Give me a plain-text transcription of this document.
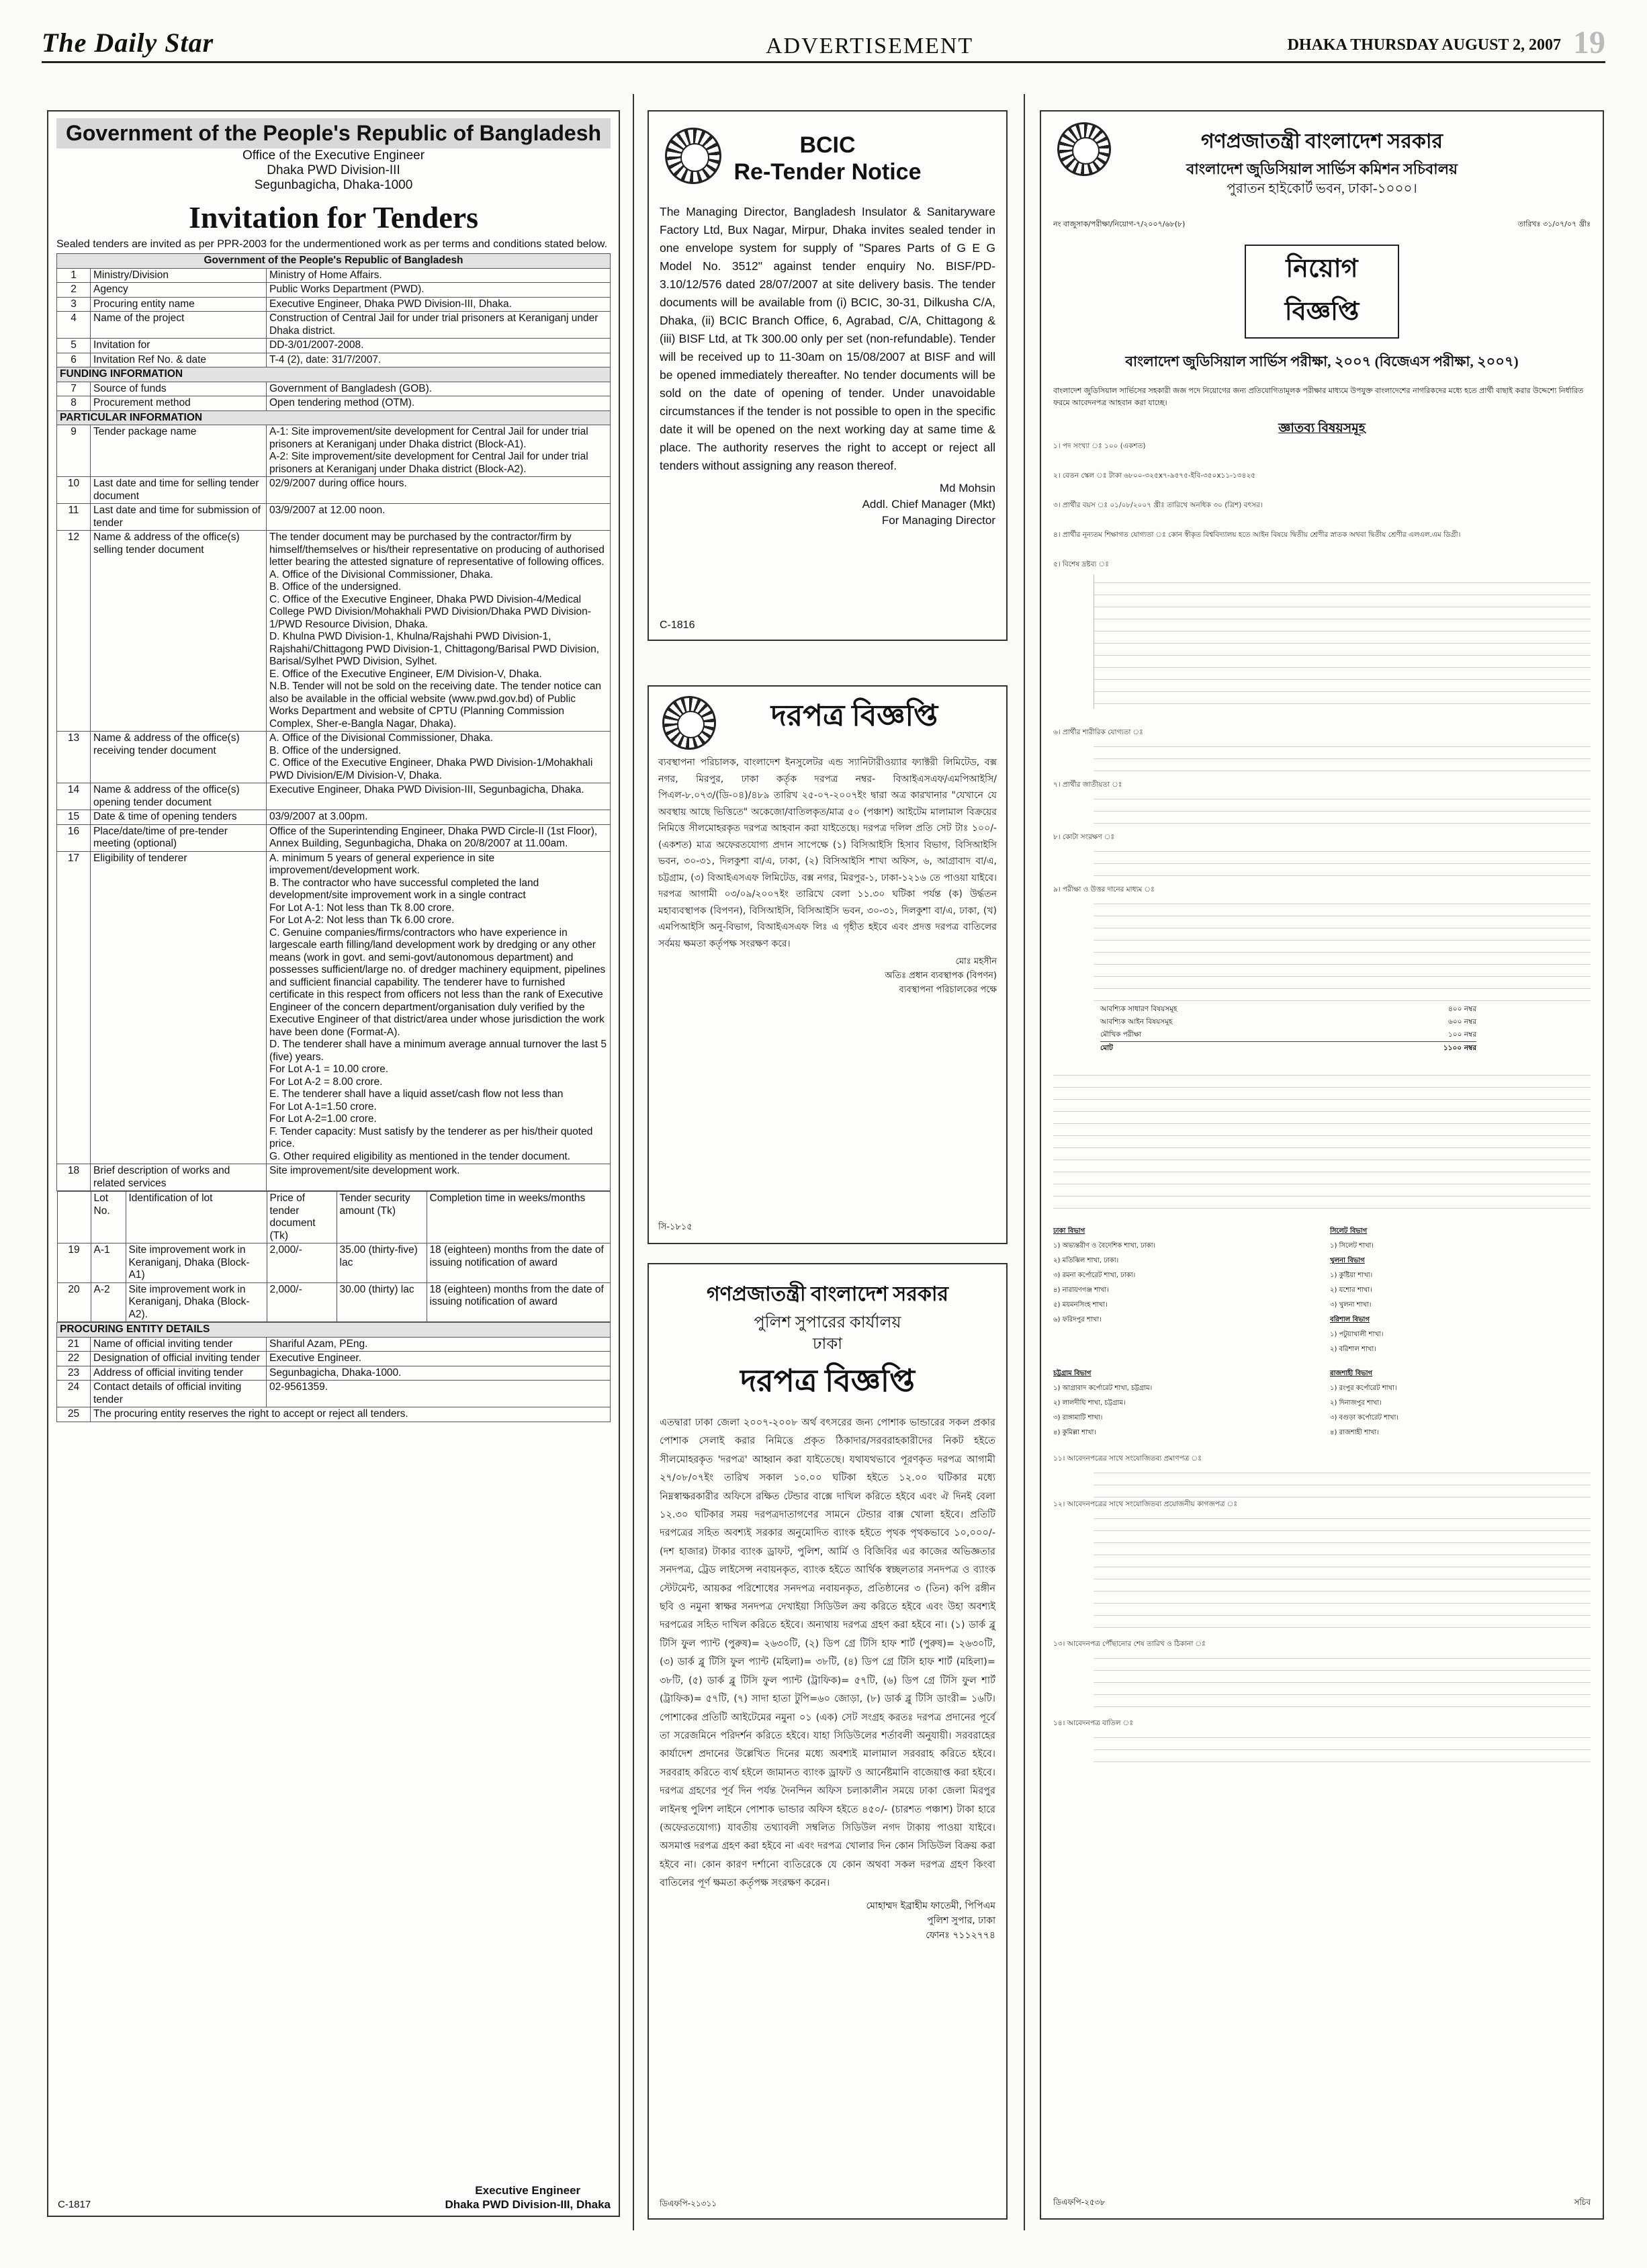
The Daily Star	ADVERTISEMENT	DHAKA THURSDAY AUGUST 2, 2007 19
Government of the People's Republic of Bangladesh
Office of the Executive Engineer
Dhaka PWD Division-III
Segunbagicha, Dhaka-1000
Invitation for Tenders
Sealed tenders are invited as per PPR-2003 for the undermentioned work as per terms and conditions stated below.
Government of the People's Republic of Bangladesh
1	Ministry/Division	Ministry of Home Affairs.
2	Agency	Public Works Department (PWD).
3	Procuring entity name	Executive Engineer, Dhaka PWD Division-III, Dhaka.
4	Name of the project	Construction of Central Jail for under trial prisoners at Keraniganj under Dhaka district.
5	Invitation for	DD-3/01/2007-2008.
6	Invitation Ref No. & date	T-4 (2), date: 31/7/2007.
FUNDING INFORMATION
7	Source of funds	Government of Bangladesh (GOB).
8	Procurement method	Open tendering method (OTM).
PARTICULAR INFORMATION
9	Tender package name	A-1: Site improvement/site development for Central Jail for under trial prisoners at Keraniganj under Dhaka district (Block-A1).
A-2: Site improvement/site development for Central Jail for under trial prisoners at Keraniganj under Dhaka district (Block-A2).
10	Last date and time for selling tender document	02/9/2007 during office hours.
11	Last date and time for submission of tender	03/9/2007 at 12.00 noon.
12	Name & address of the office(s) selling tender document	The tender document may be purchased by the contractor/firm by himself/themselves or his/their representative on producing of authorised letter bearing the attested signature of representative of following offices.
A. Office of the Divisional Commissioner, Dhaka.
B. Office of the undersigned.
C. Office of the Executive Engineer, Dhaka PWD Division-4/Medical College PWD Division/Mohakhali PWD Division/Dhaka PWD Division-1/PWD Resource Division, Dhaka.
D. Khulna PWD Division-1, Khulna/Rajshahi PWD Division-1, Rajshahi/Chittagong PWD Division-1, Chittagong/Barisal PWD Division, Barisal/Sylhet PWD Division, Sylhet.
E. Office of the Executive Engineer, E/M Division-V, Dhaka.
N.B. Tender will not be sold on the receiving date. The tender notice can also be available in the official website (www.pwd.gov.bd) of Public Works Department and website of CPTU (Planning Commission Complex, Sher-e-Bangla Nagar, Dhaka).
13	Name & address of the office(s) receiving tender document	A. Office of the Divisional Commissioner, Dhaka.
B. Office of the undersigned.
C. Office of the Executive Engineer, Dhaka PWD Division-1/Mohakhali PWD Division/E/M Division-V, Dhaka.
14	Name & address of the office(s) opening tender document	Executive Engineer, Dhaka PWD Division-III, Segunbagicha, Dhaka.
15	Date & time of opening tenders	03/9/2007 at 3.00pm.
16	Place/date/time of pre-tender meeting (optional)	Office of the Superintending Engineer, Dhaka PWD Circle-II (1st Floor), Annex Building, Segunbagicha, Dhaka on 20/8/2007 at 11.00am.
17	Eligibility of tenderer	A. minimum 5 years of general experience in site improvement/development work.
B. The contractor who have successful completed the land development/site improvement work in a single contract
For Lot A-1: Not less than Tk 8.00 crore.
For Lot A-2: Not less than Tk 6.00 crore.
C. Genuine companies/firms/contractors who have experience in largescale earth filling/land development work by dredging or any other means (work in govt. and semi-govt/autonomous department) and possesses sufficient/large no. of dredger machinery equipment, pipelines and sufficient financial capability. The tenderer have to furnished certificate in this respect from officers not less than the rank of Executive Engineer of the concern department/organisation duly verified by the Executive Engineer of that district/area under whose jurisdiction the work have been done (Format-A).
D. The tenderer shall have a minimum average annual turnover the last 5 (five) years.
For Lot A-1 = 10.00 crore.
For Lot A-2 = 8.00 crore.
E. The tenderer shall have a liquid asset/cash flow not less than
For Lot A-1=1.50 crore.
For Lot A-2=1.00 crore.
F. Tender capacity: Must satisfy by the tenderer as per his/their quoted price.
G. Other required eligibility as mentioned in the tender document.
18	Brief description of works and related services	Site improvement/site development work.

	Lot No.	Identification of lot	Price of tender document (Tk)	Tender security amount (Tk)	Completion time in weeks/months
19	A-1	Site improvement work in Keraniganj, Dhaka (Block-A1)	2,000/-	35.00 (thirty-five) lac	18 (eighteen) months from the date of issuing notification of award
20	A-2	Site improvement work in Keraniganj, Dhaka (Block-A2).	2,000/-	30.00 (thirty) lac	18 (eighteen) months from the date of issuing notification of award

PROCURING ENTITY DETAILS
21	Name of official inviting tender	Shariful Azam, PEng.
22	Designation of official inviting tender	Executive Engineer.
23	Address of official inviting tender	Segunbagicha, Dhaka-1000.
24	Contact details of official inviting tender	02-9561359.
25	The procuring entity reserves the right to accept or reject all tenders.
C-1817
Executive Engineer
Dhaka PWD Division-III, Dhaka
BCIC
Re-Tender Notice
The Managing Director, Bangladesh Insulator & Sanitaryware Factory Ltd, Bux Nagar, Mirpur, Dhaka invites sealed tender in one envelope system for supply of "Spares Parts of G E G Model No. 3512" against tender enquiry No. BISF/PD-3.10/12/576 dated 28/07/2007 at site delivery basis. The tender documents will be available from (i) BCIC, 30-31, Dilkusha C/A, Dhaka, (ii) BCIC Branch Office, 6, Agrabad, C/A, Chittagong & (iii) BISF Ltd, at Tk 300.00 only per set (non-refundable). Tender will be received up to 11-30am on 15/08/2007 at BISF and will be opened immediately thereafter. No tender documents will be sold on the date of opening of tender. Under unavoidable circumstances if the tender is not possible to open in the specific date it will be opened on the next working day at same time & place. The authority reserves the right to accept or reject all tenders without assigning any reason thereof.
Md Mohsin
Addl. Chief Manager (Mkt)
For Managing Director
C-1816
দরপত্র বিজ্ঞপ্তি
ব্যবস্থাপনা পরিচালক, বাংলাদেশ ইনসুলেটর এন্ড স্যানিটারীওয়্যার ফ্যাক্টরী লিমিটেড, বক্স নগর, মিরপুর, ঢাকা কর্তৃক দরপত্র নম্বর- বিআইএসএফ/এমপিআইসি/পিএল-৮.০৭৩/(ডি-০৪)/৪৮৯ তারিখ ২৫-০৭-২০০৭ইং দ্বারা অত্র কারখানার "যেখানে যে অবস্থায় আছে ভিত্তিতে" অকেজো/বাতিলকৃত/মাত্র ৫০ (পঞ্চাশ) আইটেম মালামাল বিক্রয়ের নিমিত্তে সীলমোহরকৃত দরপত্র আহবান করা যাইতেছে। দরপত্র দলিল প্রতি সেট টাঃ ১০০/- (একশত) মাত্র অফেরতযোগ্য প্রদান সাপেক্ষে (১) বিসিআইসি হিসাব বিভাগ, বিসিআইসি ভবন, ৩০-৩১, দিলকুশা বা/এ, ঢাকা, (২) বিসিআইসি শাখা অফিস, ৬, আগ্রাবাদ বা/এ, চট্টগ্রাম, (৩) বিআইএসএফ লিমিটেড, বক্স নগর, মিরপুর-১, ঢাকা-১২১৬ তে পাওয়া যাইবে। দরপত্র আগামী ০৩/০৯/২০০৭ইং তারিখে বেলা ১১.৩০ ঘটিকা পর্যন্ত (ক) উর্দ্ধতন মহাব্যবস্থাপক (বিপণন), বিসিআইসি, বিসিআইসি ভবন, ৩০-৩১, দিলকুশা বা/এ, ঢাকা, (খ) এমপিআইসি অনু-বিভাগ, বিআইএসএফ লিঃ এ গৃহীত হইবে এবং প্রদত্ত দরপত্র বাতিলের সর্বময় ক্ষমতা কর্তৃপক্ষ সংরক্ষণ করে।
মোঃ মহসীন
অতিঃ প্রধান ব্যবস্থাপক (বিপণন)
ব্যবস্থাপনা পরিচালকের পক্ষে
সি-১৮১৫
গণপ্রজাতন্ত্রী বাংলাদেশ সরকার
পুলিশ সুপারের কার্যালয়
ঢাকা
দরপত্র বিজ্ঞপ্তি
এতদ্বারা ঢাকা জেলা ২০০৭-২০০৮ অর্থ বৎসরের জন্য পোশাক ভান্ডারের সকল প্রকার পোশাক সেলাই করার নিমিত্তে প্রকৃত ঠিকাদার/সরবরাহকারীদের নিকট হইতে সীলমোহরকৃত 'দরপত্র' আহ্বান করা যাইতেছে। যথাযথভাবে পূরণকৃত দরপত্র আগামী ২৭/০৮/০৭ইং তারিখ সকাল ১০.০০ ঘটিকা হইতে ১২.০০ ঘটিকার মধ্যে নিম্নস্বাক্ষরকারীর অফিসে রক্ষিত টেন্ডার বাক্সে দাখিল করিতে হইবে এবং ঐ দিনই বেলা ১২.৩০ ঘটিকার সময় দরপত্রদাতাগণের সামনে টেন্ডার বাক্স খোলা হইবে। প্রতিটি দরপত্রের সহিত অবশ্যই সরকার অনুমোদিত ব্যাংক হইতে পৃথক পৃথকভাবে ১০,০০০/- (দশ হাজার) টাকার ব্যাংক ড্রাফট, পুলিশ, আর্মি ও বিজিবির এর কাজের অভিজ্ঞতার সনদপত্র, ট্রেড লাইসেন্স নবায়নকৃত, ব্যাংক হইতে আর্থিক স্বচ্ছলতার সনদপত্র ও ব্যাংক স্টেটমেন্ট, আয়কর পরিশোধের সনদপত্র নবায়নকৃত, প্রতিষ্ঠানের ৩ (তিন) কপি রঙ্গীন ছবি ও নমুনা স্বাক্ষর সনদপত্র দেখাইয়া সিডিউল ক্রয় করিতে হইবে এবং উহা অবশ্যই দরপত্রের সহিত দাখিল করিতে হইবে। অন্যথায় দরপত্র গ্রহণ করা হইবে না। (১) ডার্ক ব্লু টিসি ফুল প্যান্ট (পুরুষ)= ২৬৩০টি, (২) ডিপ গ্রে টিসি হাফ শার্ট (পুরুষ)= ২৬৩০টি, (৩) ডার্ক ব্লু টিসি ফুল প্যান্ট (মহিলা)= ৩৮টি, (৪) ডিপ গ্রে টিসি হাফ শার্ট (মহিলা)= ৩৮টি, (৫) ডার্ক ব্লু টিসি ফুল প্যান্ট (ট্রাফিক)= ৫৭টি, (৬) ডিপ গ্রে টিসি ফুল শার্ট (ট্রাফিক)= ৫৭টি, (৭) সাদা হাতা টুপি=৬০ জোড়া, (৮) ডার্ক ব্লু টিসি ডাংরী= ১৬টি। পোশাকের প্রতিটি আইটেমের নমুনা ০১ (এক) সেট সংগ্রহ করতঃ দরপত্র প্রদানের পূর্বে তা সরেজমিনে পরিদর্শন করিতে হইবে। যাহা সিডিউলের শর্তাবলী অনুযায়ী। সরবরাহের কার্যাদেশ প্রদানের উল্লেখিত দিনের মধ্যে অবশ্যই মালামাল সরবরাহ করিতে হইবে। সরবরাহ করিতে ব্যর্থ হইলে জামানত ব্যাংক ড্রাফট ও আর্নেষ্টমানি বাজেয়াপ্ত করা হইবে। দরপত্র গ্রহণের পূর্ব দিন পর্যন্ত দৈনন্দিন অফিস চলাকালীন সময়ে ঢাকা জেলা মিরপুর লাইনস্থ পুলিশ লাইনে পোশাক ভান্ডার অফিস হইতে ৪৫০/- (চারশত পঞ্চাশ) টাকা হারে (অফেরতযোগ্য) যাবতীয় তথ্যাবলী সম্বলিত সিডিউল নগদ টাকায় পাওয়া যাইবে। অসমাপ্ত দরপত্র গ্রহণ করা হইবে না এবং দরপত্র খোলার দিন কোন সিডিউল বিক্রয় করা হইবে না। কোন কারণ দর্শানো ব্যতিরেকে যে কোন অথবা সকল দরপত্র গ্রহণ কিংবা বাতিলের পূর্ণ ক্ষমতা কর্তৃপক্ষ সংরক্ষণ করেন।
মোহাম্মদ ইব্রাহীম ফাতেমী, পিপিএম
পুলিশ সুপার, ঢাকা
ফোনঃ ৭১১২৭৭৪
ডিএফপি-২১৩১১
গণপ্রজাতন্ত্রী বাংলাদেশ সরকার
বাংলাদেশ জুডিসিয়াল সার্ভিস কমিশন সচিবালয়
পুরাতন হাইকোর্ট ভবন, ঢাকা-১০০০।
নং বাজুসাক/পরীক্ষা/নিয়োগ-৭/২০০৭/৬৮(৮)	তারিখঃ ৩১/০৭/০৭ খ্রীঃ
নিয়োগ বিজ্ঞপ্তি
বাংলাদেশ জুডিসিয়াল সার্ভিস পরীক্ষা, ২০০৭ (বিজেএস পরীক্ষা, ২০০৭)
বাংলাদেশ জুডিসিয়াল সার্ভিসের সহকারী জজ পদে নিয়োগের জন্য প্রতিযোগিতামূলক পরীক্ষার মাধ্যমে উপযুক্ত বাংলাদেশের নাগরিকদের মধ্যে হতে প্রার্থী বাছাই করার উদ্দেশ্যে নির্ধারিত ফরমে আবেদনপত্র আহবান করা যাচ্ছে।
জ্ঞাতব্য বিষয়সমূহ
১। পদ সংখ্যা ঃ ১০০ (একশত)
২। বেতন স্কেল ঃ টাকা ৬৮০০-৩২৫x৭-৯৫৭৫-ইবি-৩৫০x১১-১৩৪২৫
৩। প্রার্থীর বয়স ঃ ০১/০৮/২০০৭ খ্রীঃ তারিখে অনধিক ৩০ (ত্রিশ) বৎসর।
৪। প্রার্থীর নূন্যতম শিক্ষাগত যোগ্যতা ঃ কোন স্বীকৃত বিশ্ববিদ্যালয় হতে আইন বিষয়ে দ্বিতীয় শ্রেণীর স্নাতক অথবা দ্বিতীয় শ্রেণীর এলএল.এম ডিগ্রী।
৫। বিশেষ দ্রষ্টব্য ঃ
৬। প্রার্থীর শারীরিক যোগ্যতা ঃ
৭। প্রার্থীর জাতীয়তা ঃ
৮। কোটা সংরক্ষণ ঃ
৯। পরীক্ষা ও উত্তর দানের মাধ্যম ঃ
আবশ্যিক সাধারণ বিষয়সমূহ	৪০০ নম্বর
আবশ্যিক আইন বিষয়সমূহ	৬০০ নম্বর
মৌখিক পরীক্ষা	১০০ নম্বর
মোট	১১০০ নম্বর
ঢাকা বিভাগ
১) অভ্যন্তরীণ ও বৈদেশিক শাখা, ঢাকা।
২) মতিঝিল শাখা, ঢাকা।
৩) রমনা কর্পোরেট শাখা, ঢাকা।
৪) নারায়ণগঞ্জ শাখা।
৫) ময়মনসিংহ শাখা।
৬) ফরিদপুর শাখা।
সিলেট বিভাগ
১) সিলেট শাখা।
খুলনা বিভাগ
১) কুষ্টিয়া শাখা।
২) যশোর শাখা।
৩) খুলনা শাখা।
বরিশাল বিভাগ
১) পটুয়াখালী শাখা।
২) বরিশাল শাখা।
চট্টগ্রাম বিভাগ
১) আগ্রাবাদ কর্পোরেট শাখা, চট্টগ্রাম।
২) লালদীঘি শাখা, চট্টগ্রাম।
৩) রাঙ্গামাটি শাখা।
৪) কুমিল্লা শাখা।
রাজশাহী বিভাগ
১) রংপুর কর্পোরেট শাখা।
২) দিনাজপুর শাখা।
৩) বগুড়া কর্পোরেট শাখা।
৪) রাজশাহী শাখা।
১১। আবেদনপত্রের সাথে সংযোজিতব্য প্রমাণপত্র ঃ
১২। আবেদনপত্রের সাথে সংযোজিতব্য প্রয়োজনীয় কাগজপত্র ঃ
১৩। আবেদনপত্র পৌঁছানোর শেষ তারিখ ও ঠিকানা ঃ
১৪। আবেদনপত্র বাতিল ঃ
ডিএফপি-২৫৩৮	সচিব
